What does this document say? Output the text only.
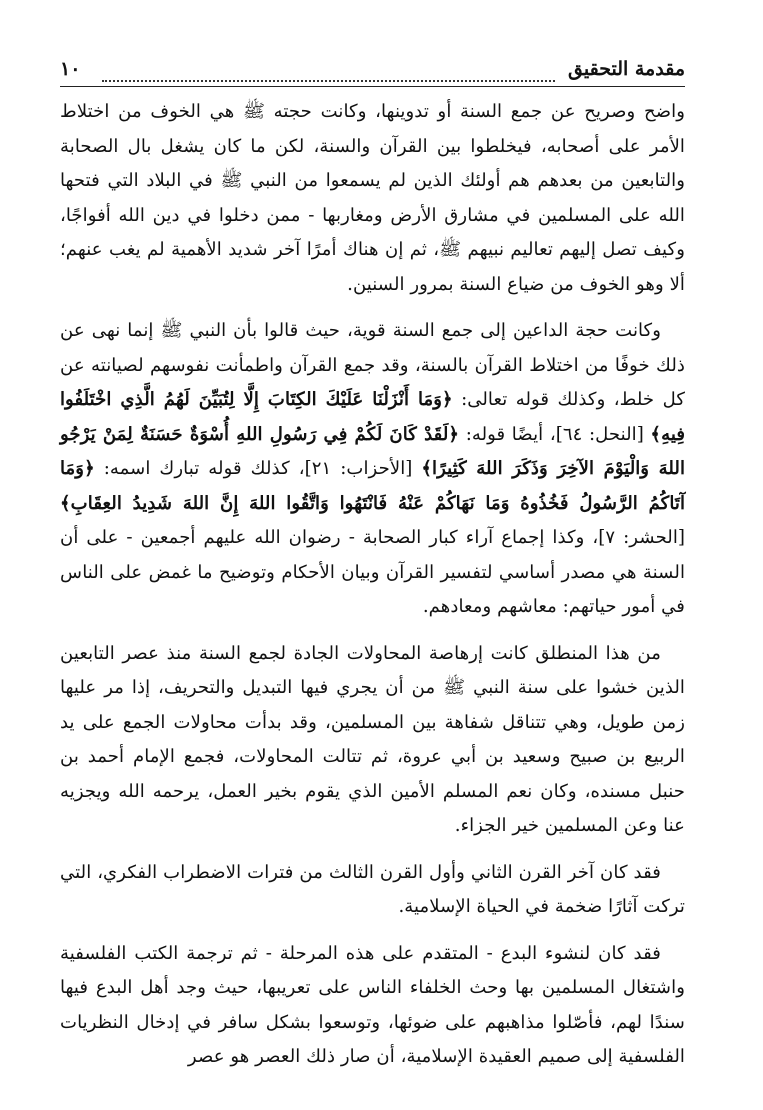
مقدمة التحقيق
١٠

واضح وصريح عن جمع السنة أو تدوينها، وكانت حجته ﷺ هي الخوف من اختلاط الأمر على أصحابه، فيخلطوا بين القرآن والسنة، لكن ما كان يشغل بال الصحابة والتابعين من بعدهم هم أولئك الذين لم يسمعوا من النبي ﷺ في البلاد التي فتحها الله على المسلمين في مشارق الأرض ومغاربها - ممن دخلوا في دين الله أفواجًا، وكيف تصل إليهم تعاليم نبيهم ﷺ، ثم إن هناك أمرًا آخر شديد الأهمية لم يغب عنهم؛ ألا وهو الخوف من ضياع السنة بمرور السنين.

وكانت حجة الداعين إلى جمع السنة قوية، حيث قالوا بأن النبي ﷺ إنما نهى عن ذلك خوفًا من اختلاط القرآن بالسنة، وقد جمع القرآن واطمأنت نفوسهم لصيانته عن كل خلط، وكذلك قوله تعالى: ﴿وَمَا أَنْزَلْنَا عَلَيْكَ الكِتَابَ إِلَّا لِتُبَيِّنَ لَهُمُ الَّذِي اخْتَلَفُوا فِيهِ﴾ [النحل: ٦٤]، أيضًا قوله: ﴿لَقَدْ كَانَ لَكُمْ فِي رَسُولِ اللهِ أُسْوَةٌ حَسَنَةٌ لِمَنْ يَرْجُو اللهَ وَالْيَوْمَ الآخِرَ وَذَكَرَ اللهَ كَثِيرًا﴾ [الأحزاب: ٢١]، كذلك قوله تبارك اسمه: ﴿وَمَا آتَاكُمُ الرَّسُولُ فَخُذُوهُ وَمَا نَهَاكُمْ عَنْهُ فَانْتَهُوا وَاتَّقُوا اللهَ إِنَّ اللهَ شَدِيدُ العِقَابِ﴾ [الحشر: ٧]، وكذا إجماع آراء كبار الصحابة - رضوان الله عليهم أجمعين - على أن السنة هي مصدر أساسي لتفسير القرآن وبيان الأحكام وتوضيح ما غمض على الناس في أمور حياتهم: معاشهم ومعادهم.

من هذا المنطلق كانت إرهاصة المحاولات الجادة لجمع السنة منذ عصر التابعين الذين خشوا على سنة النبي ﷺ من أن يجري فيها التبديل والتحريف، إذا مر عليها زمن طويل، وهي تتناقل شفاهة بين المسلمين، وقد بدأت محاولات الجمع على يد الربيع بن صبيح وسعيد بن أبي عروة، ثم تتالت المحاولات، فجمع الإمام أحمد بن حنبل مسنده، وكان نعم المسلم الأمين الذي يقوم بخير العمل، يرحمه الله ويجزيه عنا وعن المسلمين خير الجزاء.

فقد كان آخر القرن الثاني وأول القرن الثالث من فترات الاضطراب الفكري، التي تركت آثارًا ضخمة في الحياة الإسلامية.

فقد كان لنشوء البدع - المتقدم على هذه المرحلة - ثم ترجمة الكتب الفلسفية واشتغال المسلمين بها وحث الخلفاء الناس على تعريبها، حيث وجد أهل البدع فيها سندًا لهم، فأصّلوا مذاهبهم على ضوئها، وتوسعوا بشكل سافر في إدخال النظريات الفلسفية إلى صميم العقيدة الإسلامية، أن صار ذلك العصر هو عصر
